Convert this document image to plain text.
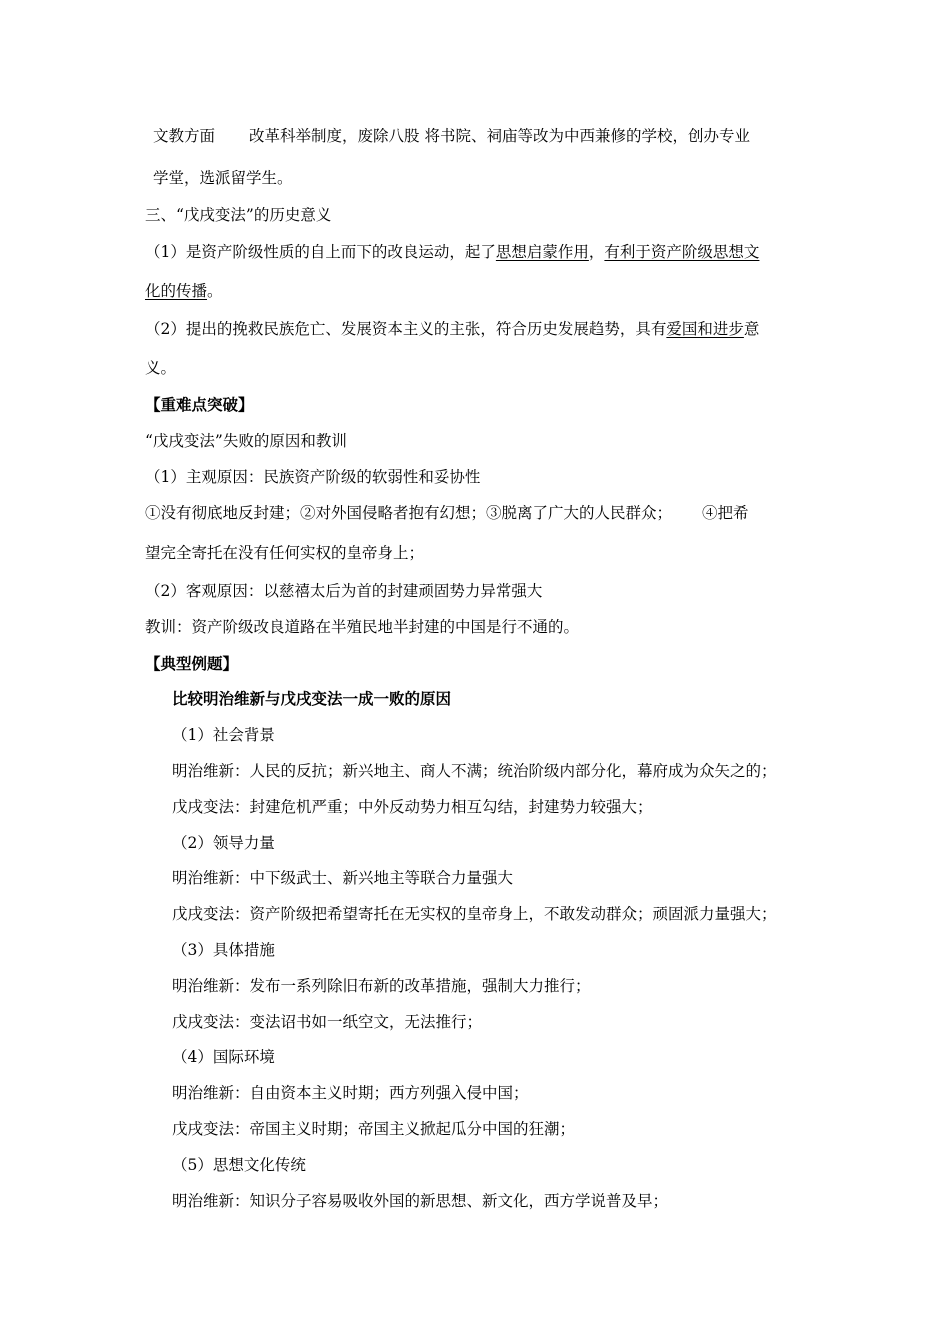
文教方面 改革科举制度，废除八股 将书院、祠庙等改为中西兼修的学校，创办专业
学堂，选派留学生。
三、“戊戌变法”的历史意义
（1）是资产阶级性质的自上而下的改良运动，起了思想启蒙作用，有利于资产阶级思想文
化的传播。
（2）提出的挽救民族危亡、发展资本主义的主张，符合历史发展趋势，具有爱国和进步意
义。
【重难点突破】
“戊戌变法”失败的原因和教训
（1）主观原因：民族资产阶级的软弱性和妥协性
①没有彻底地反封建；②对外国侵略者抱有幻想；③脱离了广大的人民群众； ④把希
望完全寄托在没有任何实权的皇帝身上；
（2）客观原因：以慈禧太后为首的封建顽固势力异常强大
教训：资产阶级改良道路在半殖民地半封建的中国是行不通的。
【典型例题】
比较明治维新与戊戌变法一成一败的原因
（1）社会背景
明治维新：人民的反抗；新兴地主、商人不满；统治阶级内部分化，幕府成为众矢之的；
戊戌变法：封建危机严重；中外反动势力相互勾结，封建势力较强大；
（2）领导力量
明治维新：中下级武士、新兴地主等联合力量强大
戊戌变法：资产阶级把希望寄托在无实权的皇帝身上，不敢发动群众；顽固派力量强大；
（3）具体措施
明治维新：发布一系列除旧布新的改革措施，强制大力推行；
戊戌变法：变法诏书如一纸空文，无法推行；
（4）国际环境
明治维新：自由资本主义时期；西方列强入侵中国；
戊戌变法：帝国主义时期；帝国主义掀起瓜分中国的狂潮；
（5）思想文化传统
明治维新：知识分子容易吸收外国的新思想、新文化，西方学说普及早；
